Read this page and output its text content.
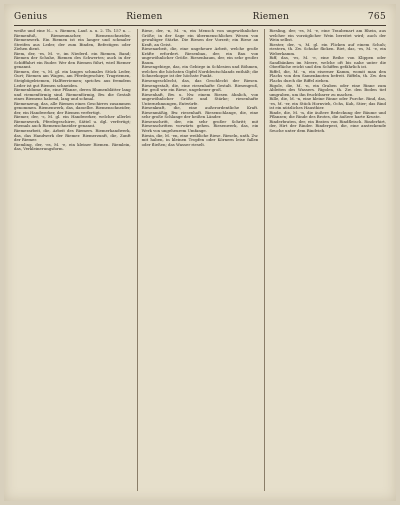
Genius	Riemen	Riemen	765

weiße und eine N... s. Riemen, Lauf. a. u. 2. Th. 157 n. .. Riemenfuß, Riemenmacher, Riemenschneider, Riemenwerk. Ein Riemen ist ein langer und schmaler Streifen aus Leder, der zum Binden, Befestigen oder Ziehen dient.

Riem, der, -es, M. -e, im Niederd. ein Riemen, Band; Riemen der Schuhe, Riemen des Schwertes; auch in der Schifffahrt ein Ruder. Wer den Riemen führt, wird Riemer genannt.

Riemen, der, -s, M. gl. ein langes schmales Stück Leder, Gurt; Riemen am Wagen, am Pferdegeschirr, Tragriemen, Steigbügelriemen, Halfterriemen; sprichw. aus fremdem Leder ist gut Riemen schneiden.

Riemenblume, die, eine Pflanze, deren Blumenblätter lang und riemenförmig sind. Riemenförmig, Bw. die Gestalt eines Riemens habend, lang und schmal.

Riemenzeug, das, alle Riemen eines Geschirres zusammen genommen. Riemenwerk, das, dasselbe. Riemenschneider, der, ein Handwerker, der Riemen verfertigt.

Riemer, der, -s, M. gl. ein Handwerker, welcher allerlei Riemenwerk, Pferdegeschirre, Sättel u. dgl. verfertigt; ehemals auch Riemenschneider genannt.

Riemerarbeit, die, Arbeit des Riemers. Riemerhandwerk, das, das Handwerk der Riemer. Riemerzunft, die, Zunft der Riemer.

Riemling, der, -es, M. -e, ein kleiner Riemen. Riemlein, das, Verkleinerungsform.

Riese, der, -n, M. -n, ein Mensch von ungewöhnlicher Größe; in der Sage ein übermenschliches Wesen von gewaltiger Stärke. Die Riesen der Vorzeit; ein Riese an Kraft, an Geist.

Riesenarbeit, die, eine ungeheure Arbeit, welche große Kräfte erfordert. Riesenbau, der, ein Bau von ungewöhnlicher Größe. Riesenbaum, der, ein sehr großer Baum.

Riesengebirge, das, ein Gebirge in Schlesien und Böhmen, welches die höchsten Gipfel Norddeutschlands enthält; die Schneekoppe ist der höchste Punkt.

Riesengeschlecht, das, das Geschlecht der Riesen. Riesengestalt, die, eine riesenhafte Gestalt. Riesengroß, Bw. groß wie ein Riese, ungeheuer groß.

Riesenhaft, Bw. u. Nw. einem Riesen ähnlich, von ungewöhnlicher Größe und Stärke; riesenhafte Unternehmungen, Entwürfe.

Riesenkraft, die, eine außerordentliche Kraft. Riesenmäßig, Bw. riesenhaft. Riesenschlange, die, eine sehr große Schlange der heißen Länder.

Riesenschritt, der, ein sehr großer Schritt; mit Riesenschritten vorwärts gehen. Riesenwerk, das, ein Werk von ungeheurem Umfange.

Riesin, die, M. -en, eine weibliche Riese. Rieseln, unth. Zw. mit haben, in kleinen Tropfen oder Körnern leise fallen oder fließen; das Wasser rieselt.

Riesling, der, -es, M. -e, eine Traubenart am Rhein, aus welcher ein vorzüglicher Wein bereitet wird; auch der Wein selbst.

Riester, der, -s, M. gl. ein Flicken auf einem Schuh; riestern, th. Zw. Schuhe flicken. Riet, das, -es, M. -e, ein Weberkamm.

Riff, das, -es, M. -e, eine Reihe von Klippen oder Sandbänken im Meere, welche oft bis nahe unter die Oberfläche reicht und den Schiffen gefährlich ist.

Riffel, die, M. -n, ein eiserner Kamm, womit man den Flachs von den Samenknoten befreit. Riffeln, th. Zw. den Flachs durch die Riffel ziehen.

Rigole, die, M. -n, ein Graben oder eine Rinne zum Ableiten des Wassers. Rigolen, th. Zw. den Boden tief umgraben, um ihn fruchtbarer zu machen.

Rille, die, M. -n, eine kleine Rinne oder Furche. Rind, das, -es, M. -er, ein Stück Hornvieh, Ochs, Kuh, Stier; das Rind ist ein nützliches Hausthier.

Rinde, die, M. -n, die äußere Bedeckung der Bäume und Pflanzen; die Rinde des Brotes, die äußere harte Kruste.

Rinderbraten, der, ein Braten von Rindfleisch. Rinderhirt, der, Hirt der Rinder. Rinderpest, die, eine ansteckende Seuche unter dem Rindvieh.
